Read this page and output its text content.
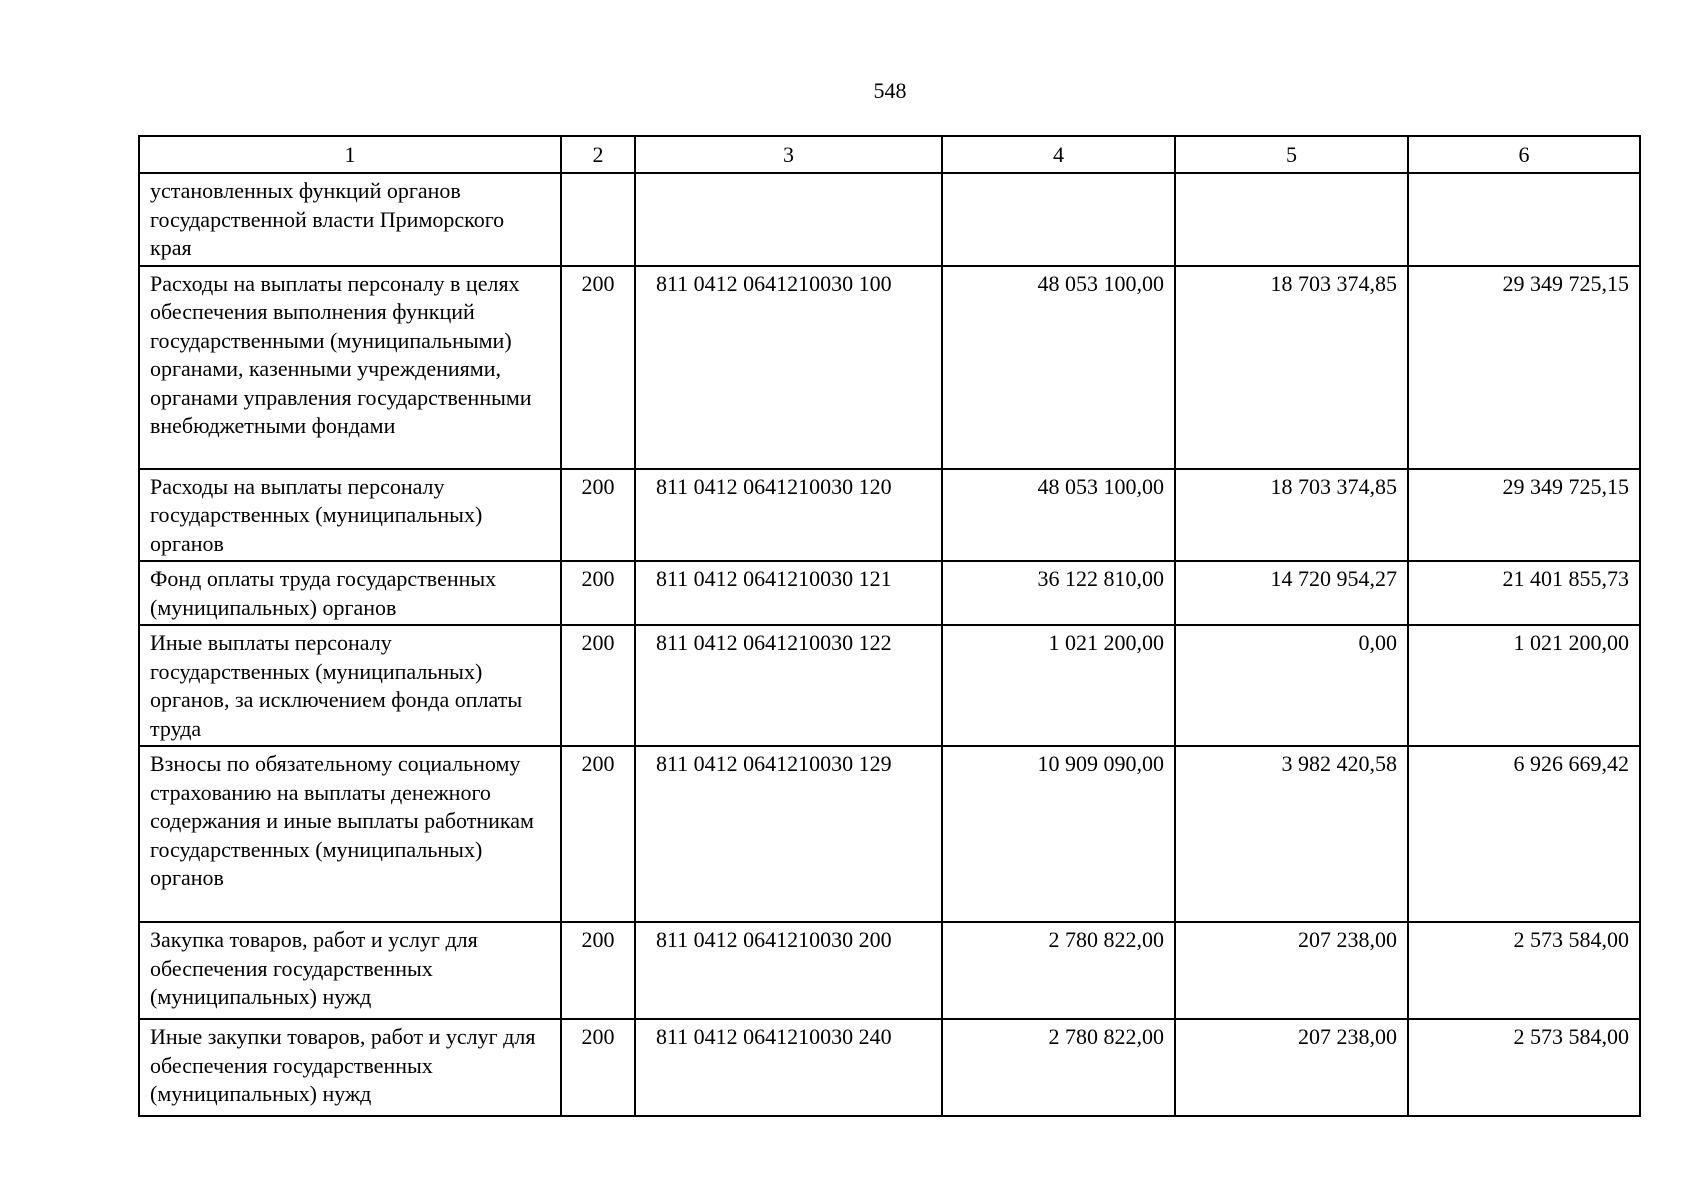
548
1	2	3	4	5	6
установленных функций органов государственной власти Приморского края					
Расходы на выплаты персоналу в целях обеспечения выполнения функций государственными (муниципальными) органами, казенными учреждениями, органами управления государственными внебюджетными фондами	200	811 0412 0641210030 100	48 053 100,00	18 703 374,85	29 349 725,15
Расходы на выплаты персоналу государственных (муниципальных) органов	200	811 0412 0641210030 120	48 053 100,00	18 703 374,85	29 349 725,15
Фонд оплаты труда государственных (муниципальных) органов	200	811 0412 0641210030 121	36 122 810,00	14 720 954,27	21 401 855,73
Иные выплаты персоналу государственных (муниципальных) органов, за исключением фонда оплаты труда	200	811 0412 0641210030 122	1 021 200,00	0,00	1 021 200,00
Взносы по обязательному социальному страхованию на выплаты денежного содержания и иные выплаты работникам государственных (муниципальных) органов	200	811 0412 0641210030 129	10 909 090,00	3 982 420,58	6 926 669,42
Закупка товаров, работ и услуг для обеспечения государственных (муниципальных) нужд	200	811 0412 0641210030 200	2 780 822,00	207 238,00	2 573 584,00
Иные закупки товаров, работ и услуг для обеспечения государственных (муниципальных) нужд	200	811 0412 0641210030 240	2 780 822,00	207 238,00	2 573 584,00
